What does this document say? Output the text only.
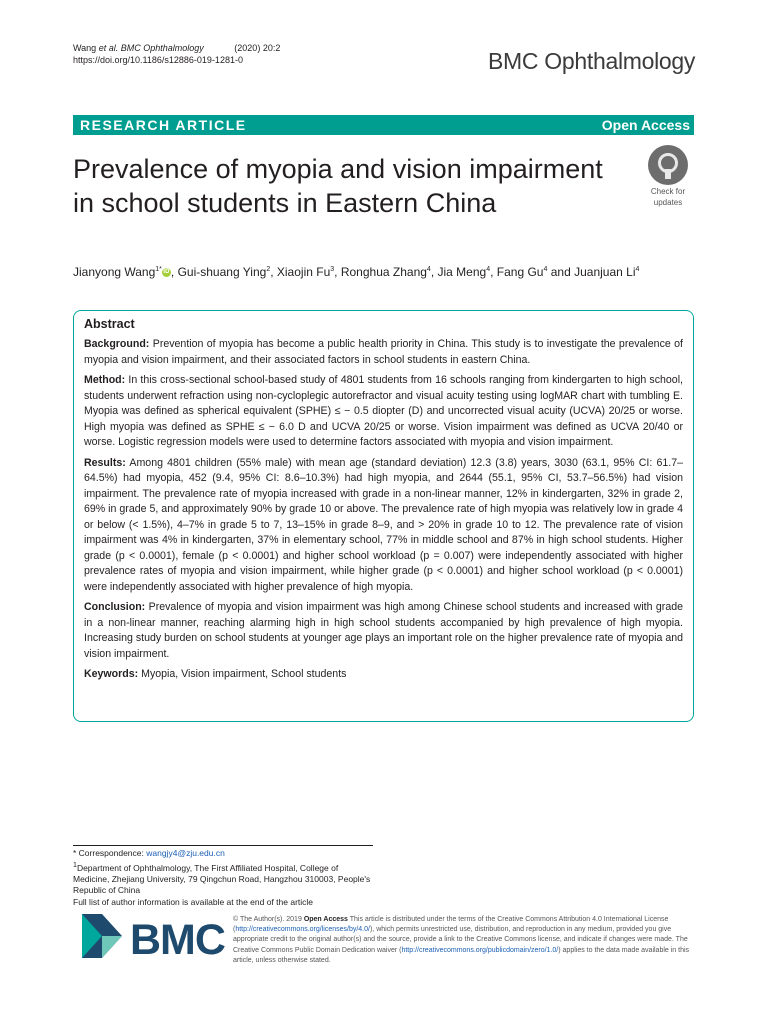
Wang et al. BMC Ophthalmology	(2020) 20:2
https://doi.org/10.1186/s12886-019-1281-0	BMC Ophthalmology
RESEARCH ARTICLE	Open Access
Prevalence of myopia and vision impairment in school students in Eastern China	Check for
updates
Jianyong Wang$^{1*}$ iD , Gui-shuang Ying$^2$, Xiaojin Fu$^3$, Ronghua Zhang$^4$, Jia Meng$^4$, Fang Gu$^4$ and Juanjuan Li$^4$
Abstract

Background: Prevention of myopia has become a public health priority in China. This study is to investigate the prevalence of myopia and vision impairment, and their associated factors in school students in eastern China.

Method: In this cross-sectional school-based study of 4801 students from 16 schools ranging from kindergarten to high school, students underwent refraction using non-cycloplegic autorefractor and visual acuity testing using logMAR chart with tumbling E. Myopia was defined as spherical equivalent (SPHE) ≤ − 0.5 diopter (D) and uncorrected visual acuity (UCVA) 20/25 or worse. High myopia was defined as SPHE ≤ − 6.0 D and UCVA 20/25 or worse. Vision impairment was defined as UCVA 20/40 or worse. Logistic regression models were used to determine factors associated with myopia and vision impairment.

Results: Among 4801 children (55% male) with mean age (standard deviation) 12.3 (3.8) years, 3030 (63.1, 95% CI: 61.7–64.5%) had myopia, 452 (9.4, 95% CI: 8.6–10.3%) had high myopia, and 2644 (55.1, 95% CI, 53.7–56.5%) had vision impairment. The prevalence rate of myopia increased with grade in a non-linear manner, 12% in kindergarten, 32% in grade 2, 69% in grade 5, and approximately 90% by grade 10 or above. The prevalence rate of high myopia was relatively low in grade 4 or below (< 1.5%), 4–7% in grade 5 to 7, 13–15% in grade 8–9, and > 20% in grade 10 to 12. The prevalence rate of vision impairment was 4% in kindergarten, 37% in elementary school, 77% in middle school and 87% in high school students. Higher grade (p < 0.0001), female (p < 0.0001) and higher school workload (p = 0.007) were independently associated with higher prevalence rates of myopia and vision impairment, while higher grade (p < 0.0001) and higher school workload (p < 0.0001) were independently associated with higher prevalence of high myopia.

Conclusion: Prevalence of myopia and vision impairment was high among Chinese school students and increased with grade in a non-linear manner, reaching alarming high in high school students accompanied by high prevalence of high myopia. Increasing study burden on school students at younger age plays an important role on the higher prevalence rate of myopia and vision impairment.

Keywords: Myopia, Vision impairment, School students

* Correspondence: wangjy4@zju.edu.cn
$^1$Department of Ophthalmology, The First Affiliated Hospital, College of Medicine, Zhejiang University, 79 Qingchun Road, Hangzhou 310003, People's Republic of China
Full list of author information is available at the end of the article
BMC © The Author(s). 2019 Open Access This article is distributed under the terms of the Creative Commons Attribution 4.0 International License (http://creativecommons.org/licenses/by/4.0/), which permits unrestricted use, distribution, and reproduction in any medium, provided you give appropriate credit to the original author(s) and the source, provide a link to the Creative Commons license, and indicate if changes were made. The Creative Commons Public Domain Dedication waiver (http://creativecommons.org/publicdomain/zero/1.0/) applies to the data made available in this article, unless otherwise stated.
